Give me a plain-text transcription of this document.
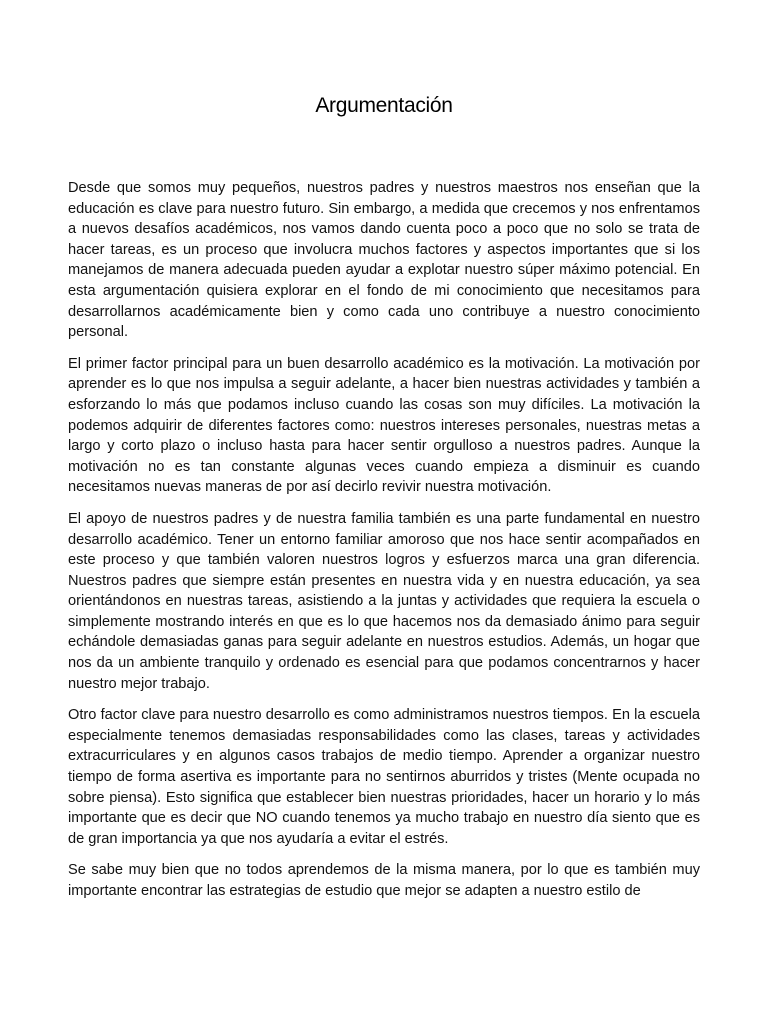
Argumentación

Desde que somos muy pequeños, nuestros padres y nuestros maestros nos enseñan que la educación es clave para nuestro futuro. Sin embargo, a medida que crecemos y nos enfrentamos a nuevos desafíos académicos, nos vamos dando cuenta poco a poco que no solo se trata de hacer tareas, es un proceso que involucra muchos factores y aspectos importantes que si los manejamos de manera adecuada pueden ayudar a explotar nuestro súper máximo potencial. En esta argumentación quisiera explorar en el fondo de mi conocimiento que necesitamos para desarrollarnos académicamente bien y como cada uno contribuye a nuestro conocimiento personal.

El primer factor principal para un buen desarrollo académico es la motivación. La motivación por aprender es lo que nos impulsa a seguir adelante, a hacer bien nuestras actividades y también a esforzando lo más que podamos incluso cuando las cosas son muy difíciles. La motivación la podemos adquirir de diferentes factores como: nuestros intereses personales, nuestras metas a largo y corto plazo o incluso hasta para hacer sentir orgulloso a nuestros padres. Aunque la motivación no es tan constante algunas veces cuando empieza a disminuir es cuando necesitamos nuevas maneras de por así decirlo revivir nuestra motivación.

El apoyo de nuestros padres y de nuestra familia también es una parte fundamental en nuestro desarrollo académico. Tener un entorno familiar amoroso que nos hace sentir acompañados en este proceso y que también valoren nuestros logros y esfuerzos marca una gran diferencia. Nuestros padres que siempre están presentes en nuestra vida y en nuestra educación, ya sea orientándonos en nuestras tareas, asistiendo a la juntas y actividades que requiera la escuela o simplemente mostrando interés en que es lo que hacemos nos da demasiado ánimo para seguir echándole demasiadas ganas para seguir adelante en nuestros estudios. Además, un hogar que nos da un ambiente tranquilo y ordenado es esencial para que podamos concentrarnos y hacer nuestro mejor trabajo.

Otro factor clave para nuestro desarrollo es como administramos nuestros tiempos. En la escuela especialmente tenemos demasiadas responsabilidades como las clases, tareas y actividades extracurriculares y en algunos casos trabajos de medio tiempo. Aprender a organizar nuestro tiempo de forma asertiva es importante para no sentirnos aburridos y tristes (Mente ocupada no sobre piensa). Esto significa que establecer bien nuestras prioridades, hacer un horario y lo más importante que es decir que NO cuando tenemos ya mucho trabajo en nuestro día siento que es de gran importancia ya que nos ayudaría a evitar el estrés.

Se sabe muy bien que no todos aprendemos de la misma manera, por lo que es también muy importante encontrar las estrategias de estudio que mejor se adapten a nuestro estilo de
